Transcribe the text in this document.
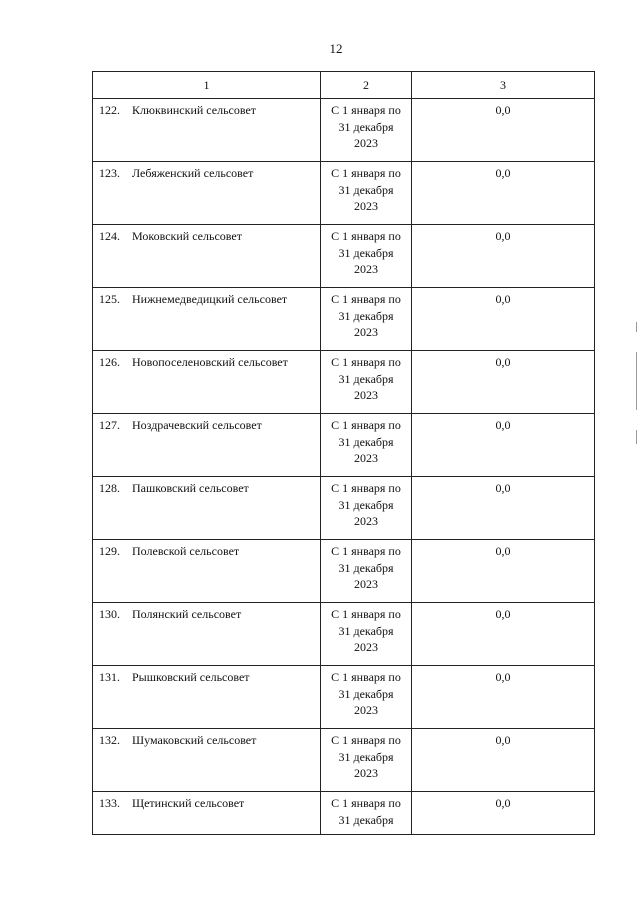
12
1	2	3

122. Клюквинский сельсовет	С 1 января по
31 декабря
2023	0,0

123. Лебяженский сельсовет	С 1 января по
31 декабря
2023	0,0

124. Моковский сельсовет	С 1 января по
31 декабря
2023	0,0

125. Нижнемедведицкий сельсовет	С 1 января по
31 декабря
2023	0,0

126. Новопоселеновский сельсовет	С 1 января по
31 декабря
2023	0,0

127. Ноздрачевский сельсовет	С 1 января по
31 декабря
2023	0,0

128. Пашковский сельсовет	С 1 января по
31 декабря
2023	0,0

129. Полевской сельсовет	С 1 января по
31 декабря
2023	0,0

130. Полянский сельсовет	С 1 января по
31 декабря
2023	0,0

131. Рышковский сельсовет	С 1 января по
31 декабря
2023	0,0

132. Шумаковский сельсовет	С 1 января по
31 декабря
2023	0,0

133. Щетинский сельсовет	С 1 января по
31 декабря	0,0
